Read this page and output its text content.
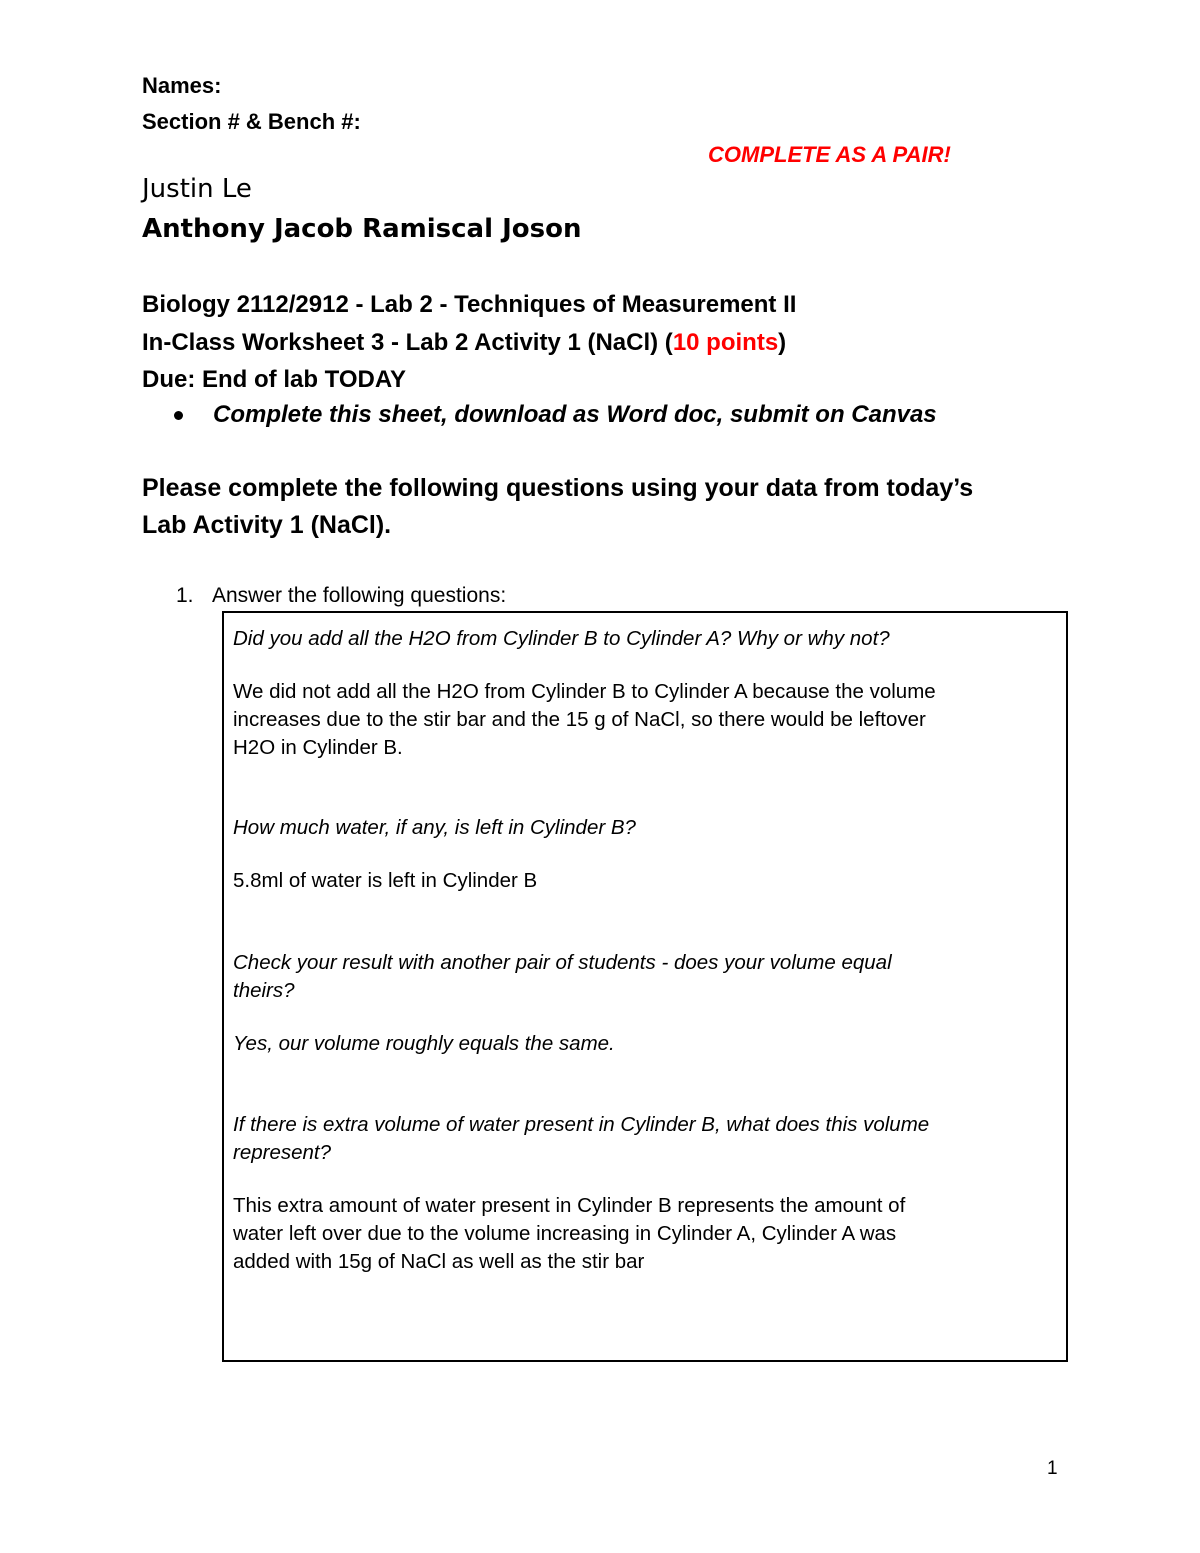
Names:
Section # & Bench #:
COMPLETE AS A PAIR!
Justin Le
Anthony Jacob Ramiscal Joson
Biology 2112/2912 - Lab 2 - Techniques of Measurement II
In-Class Worksheet 3 - Lab 2 Activity 1 (NaCl) (10 points)
Due: End of lab TODAY
Complete this sheet, download as Word doc, submit on Canvas
Please complete the following questions using your data from today’s
Lab Activity 1 (NaCl).
1. Answer the following questions:
Did you add all the H2O from Cylinder B to Cylinder A? Why or why not?
We did not add all the H2O from Cylinder B to Cylinder A because the volume
increases due to the stir bar and the 15 g of NaCl, so there would be leftover
H2O in Cylinder B.
How much water, if any, is left in Cylinder B?
5.8ml of water is left in Cylinder B
Check your result with another pair of students - does your volume equal
theirs?
Yes, our volume roughly equals the same.
If there is extra volume of water present in Cylinder B, what does this volume
represent?
This extra amount of water present in Cylinder B represents the amount of
water left over due to the volume increasing in Cylinder A, Cylinder A was
added with 15g of NaCl as well as the stir bar
1
